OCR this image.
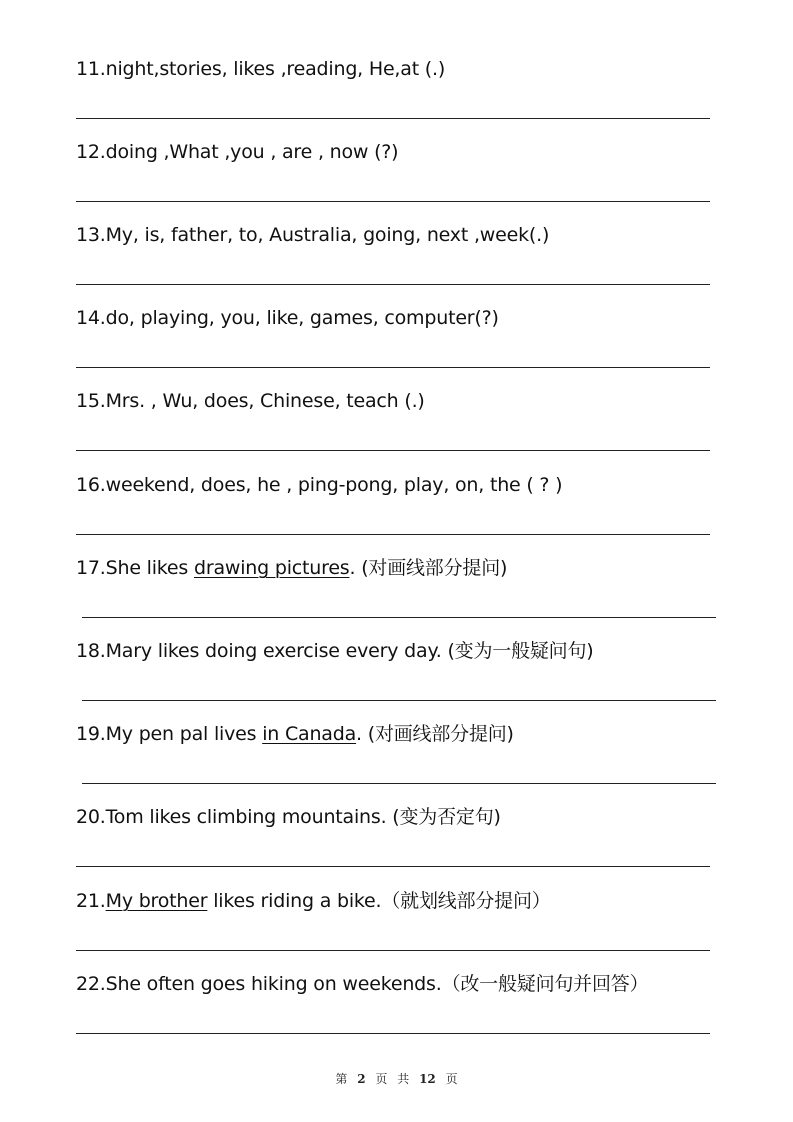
11.night,stories, likes ,reading, He,at (.)
12.doing ,What ,you , are , now (?)
13.My, is, father, to, Australia, going, next ,week(.)
14.do, playing, you, like, games, computer(?)
15.Mrs. , Wu, does, Chinese, teach (.)
16.weekend, does, he , ping-pong, play, on, the ( ? )
17.She likes drawing pictures. (对画线部分提问)
18.Mary likes doing exercise every day. (变为一般疑问句)
19.My pen pal lives in Canada. (对画线部分提问)
20.Tom likes climbing mountains. (变为否定句)
21.My brother likes riding a bike.（就划线部分提问）
22.She often goes hiking on weekends.（改一般疑问句并回答）
第 2 页 共 12 页
